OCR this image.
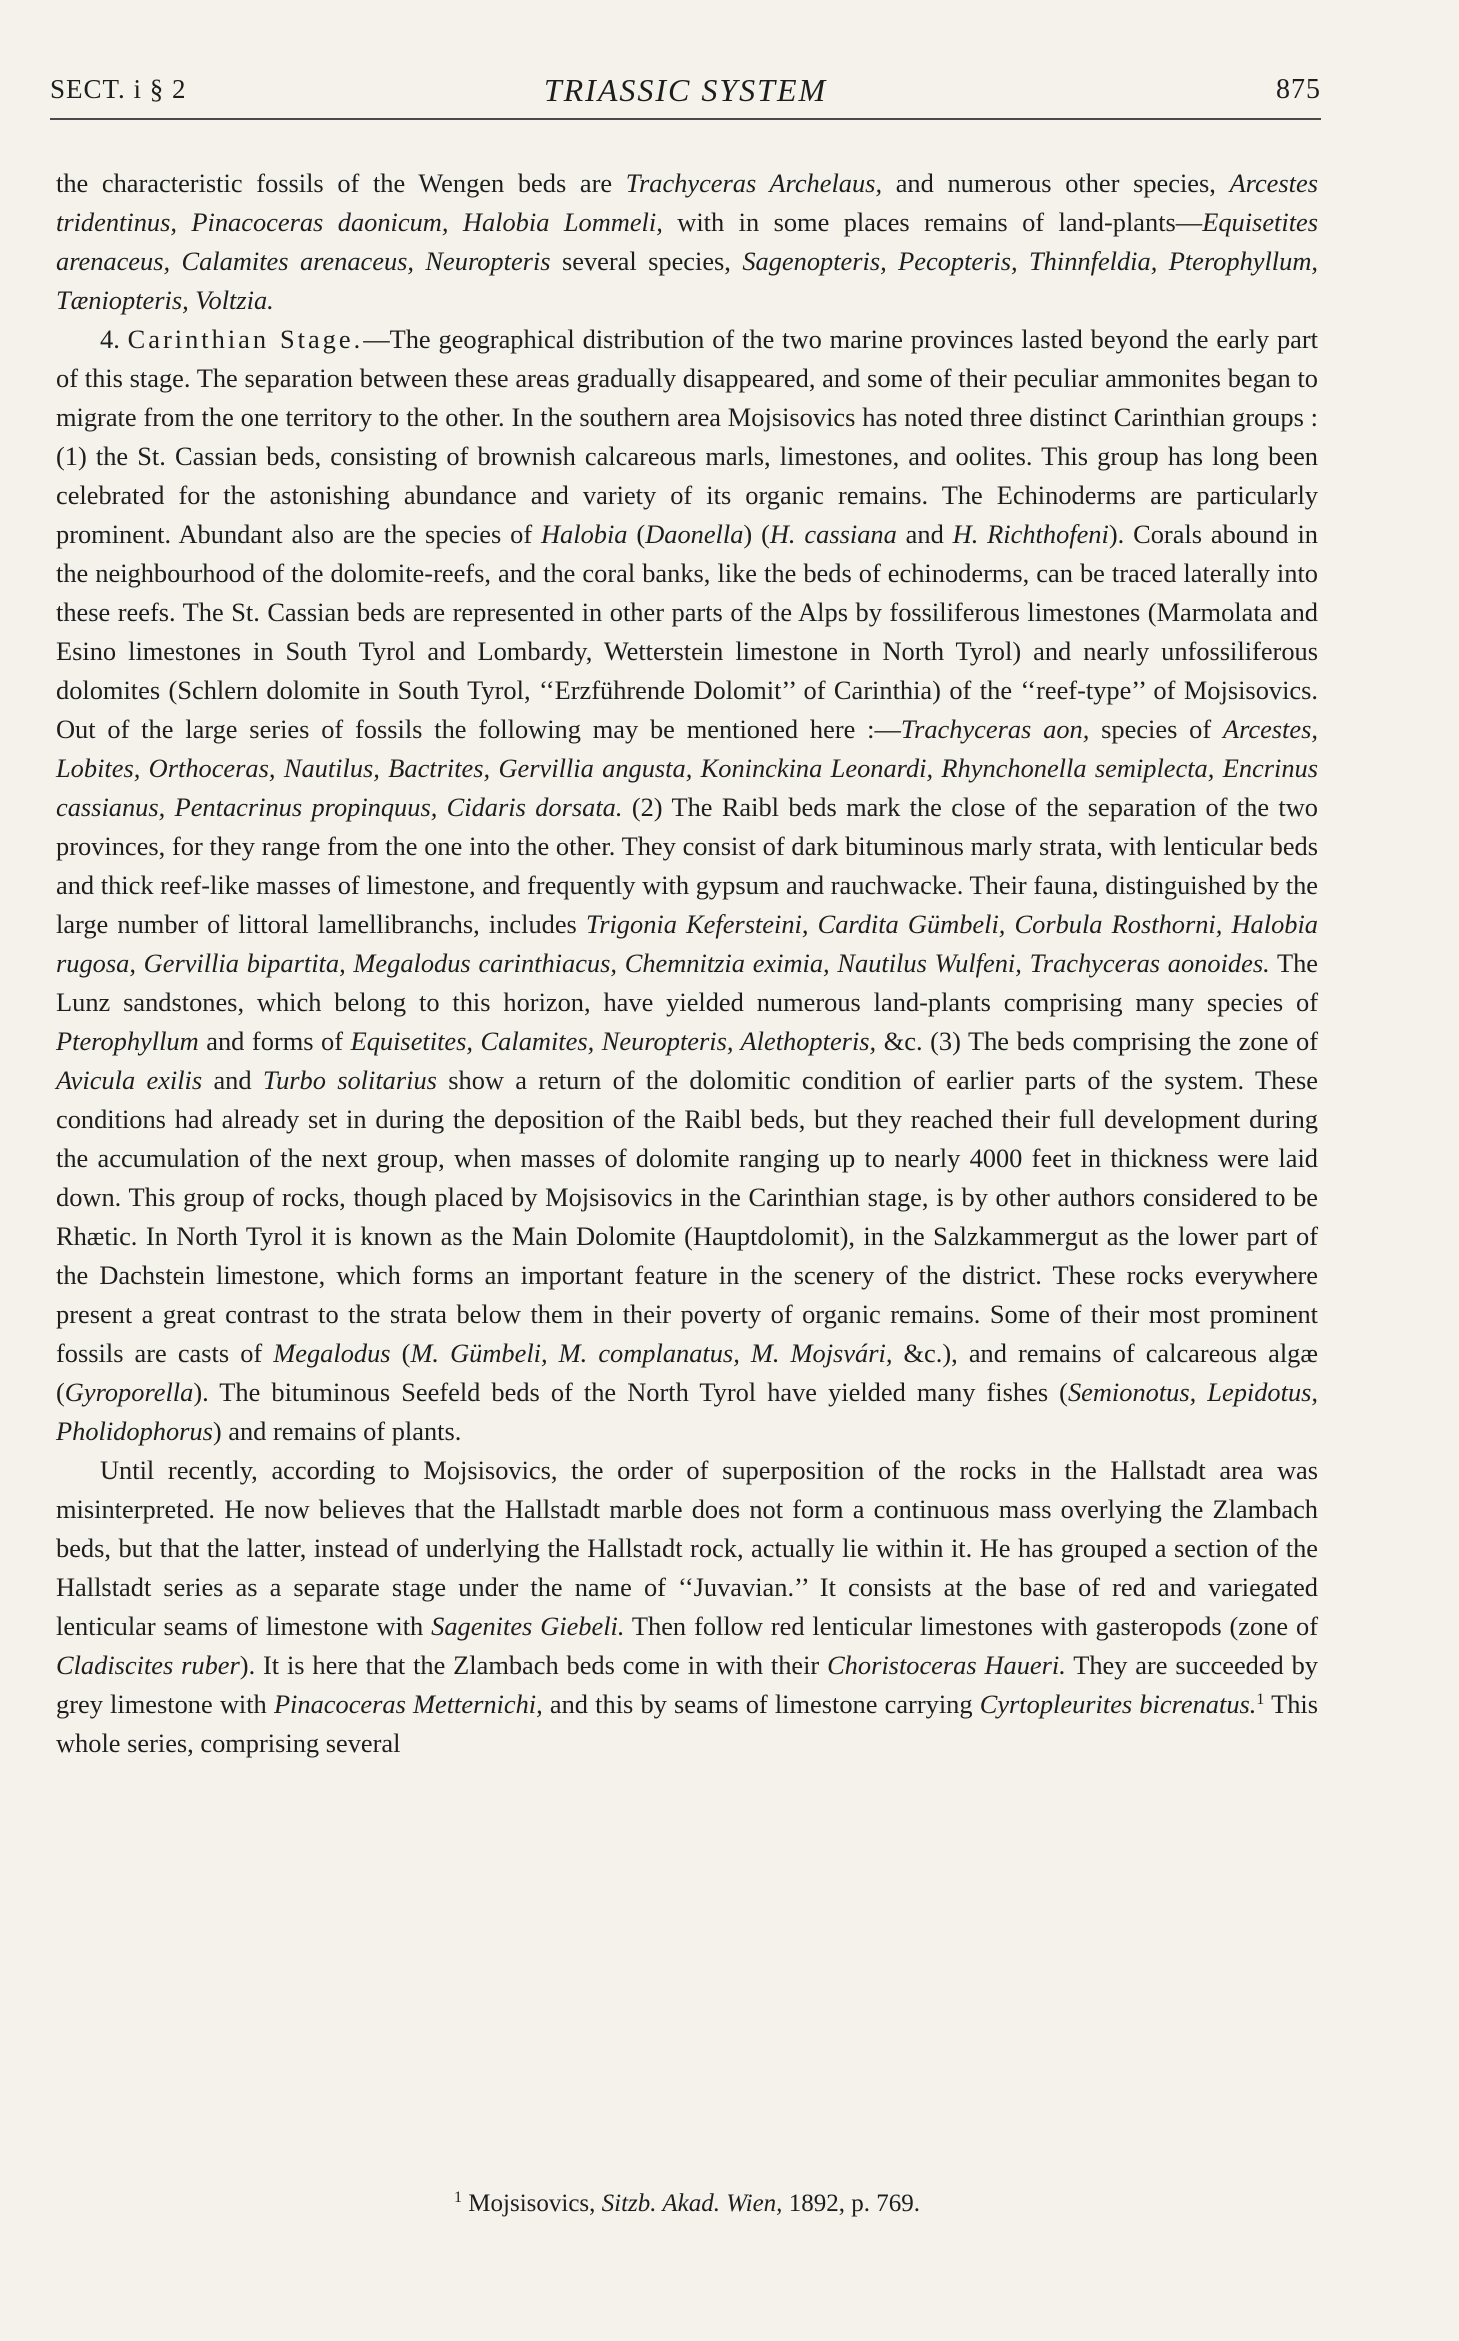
SECT. i § 2	TRIASSIC SYSTEM	875

the characteristic fossils of the Wengen beds are Trachyceras Archelaus, and numerous other species, Arcestes tridentinus, Pinacoceras daonicum, Halobia Lommeli, with in some places remains of land-plants—Equisetites arenaceus, Calamites arenaceus, Neuropteris several species, Sagenopteris, Pecopteris, Thinnfeldia, Pterophyllum, Tæniopteris, Voltzia.

4. Carinthian Stage.—The geographical distribution of the two marine provinces lasted beyond the early part of this stage. The separation between these areas gradually disappeared, and some of their peculiar ammonites began to migrate from the one territory to the other. In the southern area Mojsisovics has noted three distinct Carinthian groups : (1) the St. Cassian beds, consisting of brownish calcareous marls, limestones, and oolites. This group has long been celebrated for the astonishing abundance and variety of its organic remains. The Echinoderms are particularly prominent. Abundant also are the species of Halobia (Daonella) (H. cassiana and H. Richthofeni). Corals abound in the neighbourhood of the dolomite-reefs, and the coral banks, like the beds of echinoderms, can be traced laterally into these reefs. The St. Cassian beds are represented in other parts of the Alps by fossiliferous limestones (Marmolata and Esino limestones in South Tyrol and Lombardy, Wetterstein limestone in North Tyrol) and nearly unfossiliferous dolomites (Schlern dolomite in South Tyrol, ‘‘Erzführende Dolomit’’ of Carinthia) of the ‘‘reef-type’’ of Mojsisovics. Out of the large series of fossils the following may be mentioned here :—Trachyceras aon, species of Arcestes, Lobites, Orthoceras, Nautilus, Bactrites, Gervillia angusta, Koninckina Leonardi, Rhynchonella semiplecta, Encrinus cassianus, Pentacrinus propinquus, Cidaris dorsata. (2) The Raibl beds mark the close of the separation of the two provinces, for they range from the one into the other. They consist of dark bituminous marly strata, with lenticular beds and thick reef-like masses of limestone, and frequently with gypsum and rauchwacke. Their fauna, distinguished by the large number of littoral lamellibranchs, includes Trigonia Kefersteini, Cardita Gümbeli, Corbula Rosthorni, Halobia rugosa, Gervillia bipartita, Megalodus carinthiacus, Chemnitzia eximia, Nautilus Wulfeni, Trachyceras aonoides. The Lunz sandstones, which belong to this horizon, have yielded numerous land-plants comprising many species of Pterophyllum and forms of Equisetites, Calamites, Neuropteris, Alethopteris, &c. (3) The beds comprising the zone of Avicula exilis and Turbo solitarius show a return of the dolomitic condition of earlier parts of the system. These conditions had already set in during the deposition of the Raibl beds, but they reached their full development during the accumulation of the next group, when masses of dolomite ranging up to nearly 4000 feet in thickness were laid down. This group of rocks, though placed by Mojsisovics in the Carinthian stage, is by other authors considered to be Rhætic. In North Tyrol it is known as the Main Dolomite (Hauptdolomit), in the Salzkammergut as the lower part of the Dachstein limestone, which forms an important feature in the scenery of the district. These rocks everywhere present a great contrast to the strata below them in their poverty of organic remains. Some of their most prominent fossils are casts of Megalodus (M. Gümbeli, M. complanatus, M. Mojsvári, &c.), and remains of calcareous algæ (Gyroporella). The bituminous Seefeld beds of the North Tyrol have yielded many fishes (Semionotus, Lepidotus, Pholidophorus) and remains of plants.

Until recently, according to Mojsisovics, the order of superposition of the rocks in the Hallstadt area was misinterpreted. He now believes that the Hallstadt marble does not form a continuous mass overlying the Zlambach beds, but that the latter, instead of underlying the Hallstadt rock, actually lie within it. He has grouped a section of the Hallstadt series as a separate stage under the name of ‘‘Juvavian.’’ It consists at the base of red and variegated lenticular seams of limestone with Sagenites Giebeli. Then follow red lenticular limestones with gasteropods (zone of Cladiscites ruber). It is here that the Zlambach beds come in with their Choristoceras Haueri. They are succeeded by grey limestone with Pinacoceras Metternichi, and this by seams of limestone carrying Cyrtopleurites bicrenatus.$^1$ This whole series, comprising several

$^1$ Mojsisovics, Sitzb. Akad. Wien, 1892, p. 769.
